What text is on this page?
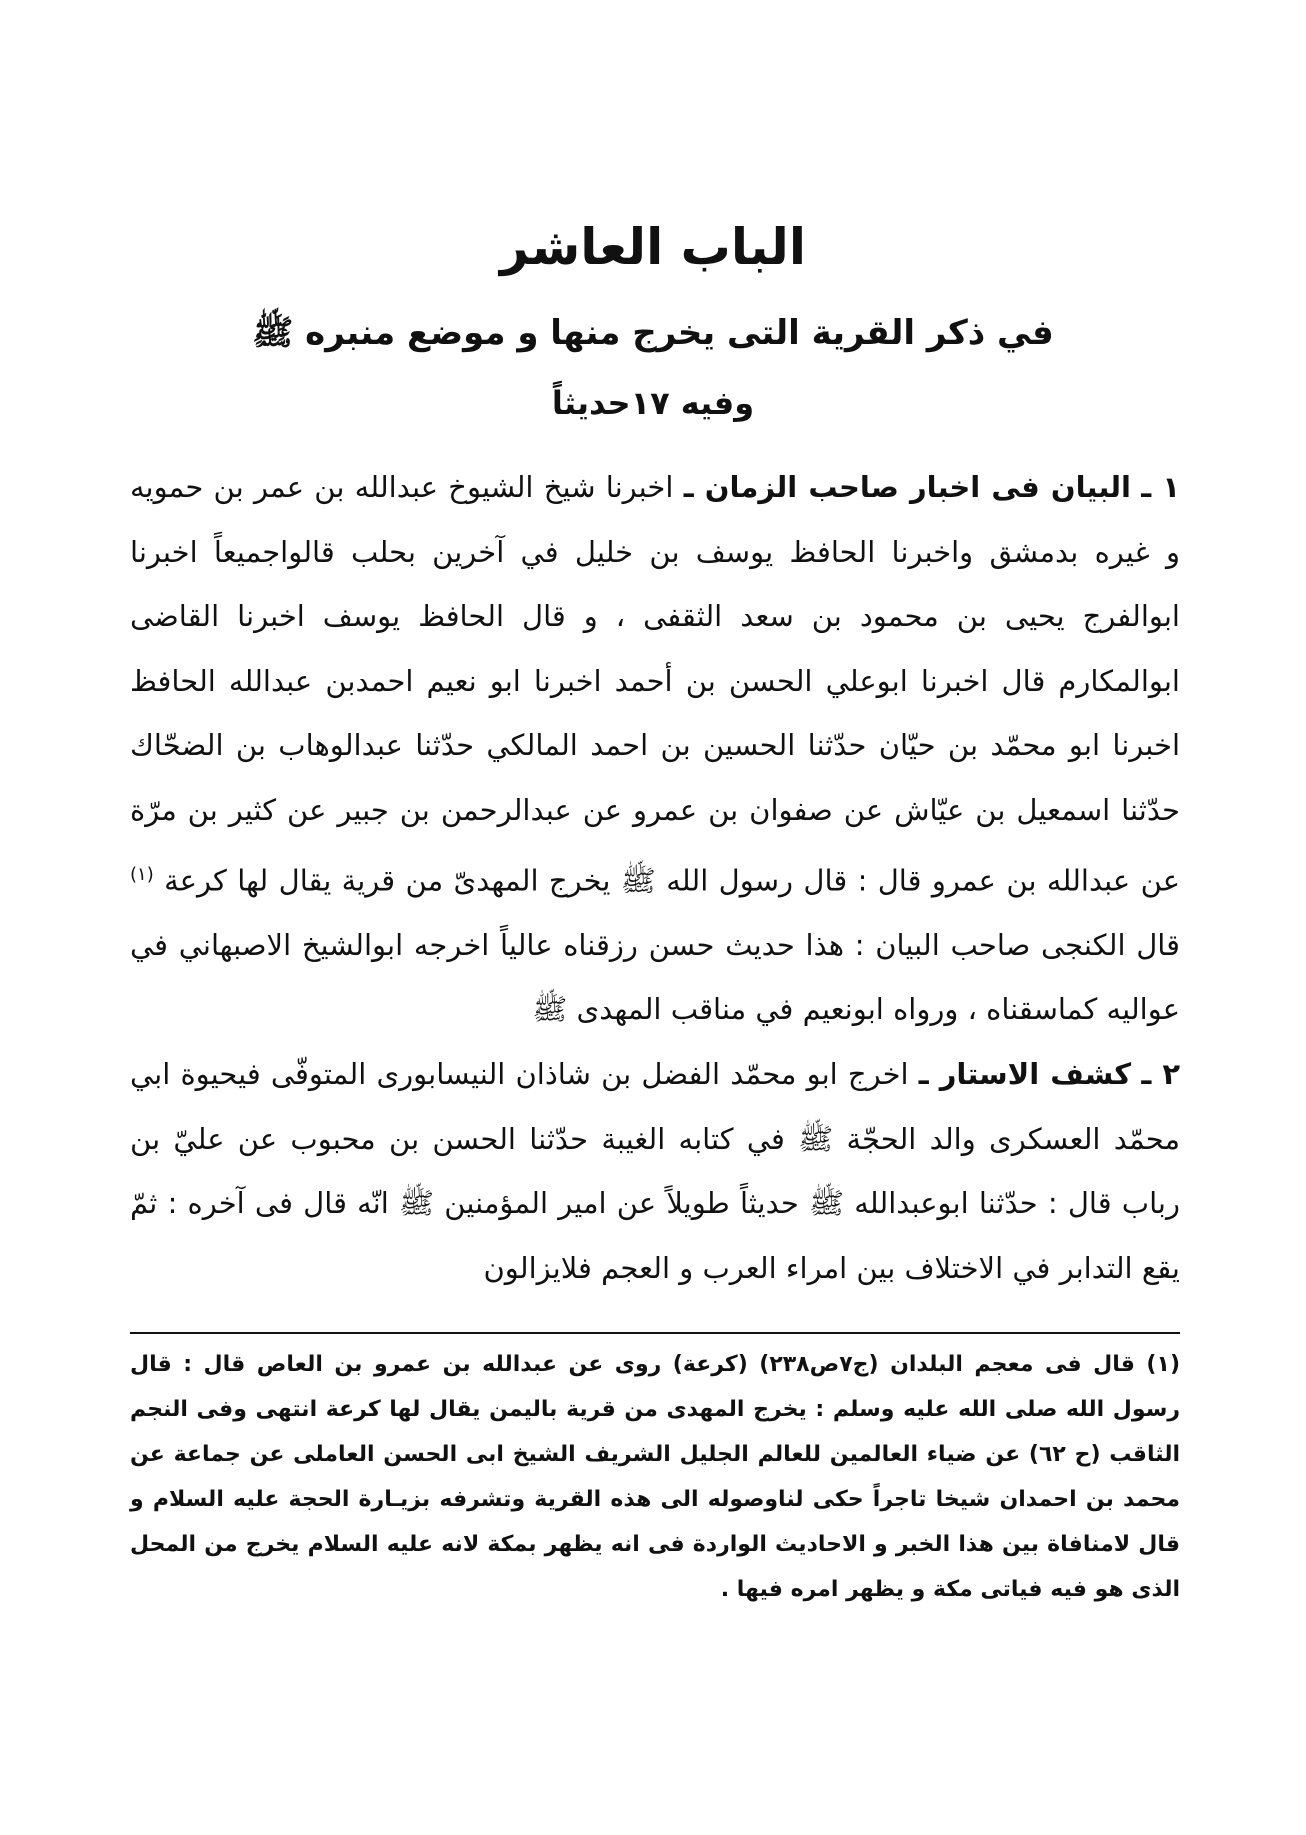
الباب العاشر
في ذكر القرية التى يخرج منها و موضع منبره ﷺ
وفيه ١٧حديثاً

١ ـ البيان فى اخبار صاحب الزمان ـ اخبرنا شيخ الشيوخ عبدالله بن عمر بن حمويه و غيره بدمشق واخبرنا الحافظ يوسف بن خليل في آخرين بحلب قالواجميعاً اخبرنا ابوالفرج يحيى بن محمود بن سعد الثقفى ، و قال الحافظ يوسف اخبرنا القاضى ابوالمكارم قال اخبرنا ابوعلي الحسن بن أحمد اخبرنا ابو نعيم احمدبن عبدالله الحافظ اخبرنا ابو محمّد بن حيّان حدّثنا الحسين بن احمد المالكي حدّثنا عبدالوهاب بن الضحّاك حدّثنا اسمعيل بن عيّاش عن صفوان بن عمرو عن عبدالرحمن بن جبير عن كثير بن مرّة عن عبدالله بن عمرو قال : قال رسول الله ﷺ يخرج المهدىّ من قرية يقال لها كرعة $^{(١)}$ قال الكنجى صاحب البيان : هذا حديث حسن رزقناه عالياً اخرجه ابوالشيخ الاصبهاني في عواليه كماسقناه ، ورواه ابونعيم في مناقب المهدى ﷺ

٢ ـ كشف الاستار ـ اخرج ابو محمّد الفضل بن شاذان النيسابورى المتوفّى فيحيوة ابي محمّد العسكرى والد الحجّة ﷺ في كتابه الغيبة حدّثنا الحسن بن محبوب عن عليّ بن رباب قال : حدّثنا ابوعبدالله ﷺ حديثاً طويلاً عن امير المؤمنين ﷺ انّه قال فى آخره : ثمّ يقع التدابر في الاختلاف بين امراء العرب و العجم فلايزالون

(١) قال فى معجم البلدان (ج٧ص٢٣٨) (كرعة) روى عن عبدالله بن عمرو بن العاص قال : قال رسول الله صلى الله عليه وسلم : يخرج المهدى من قرية باليمن يقال لها كرعة انتهى وفى النجم الثاقب (ح ٦٢) عن ضياء العالمين للعالم الجليل الشريف الشيخ ابى الحسن العاملى عن جماعة عن محمد بن احمدان شيخا تاجراً حكى لناوصوله الى هذه القرية وتشرفه بزيـارة الحجة عليه السلام و قال لامنافاة بين هذا الخبر و الاحاديث الواردة فى انه يظهر بمكة لانه عليه السلام يخرج من المحل الذى هو فيه فياتى مكة و يظهر امره فيها .
